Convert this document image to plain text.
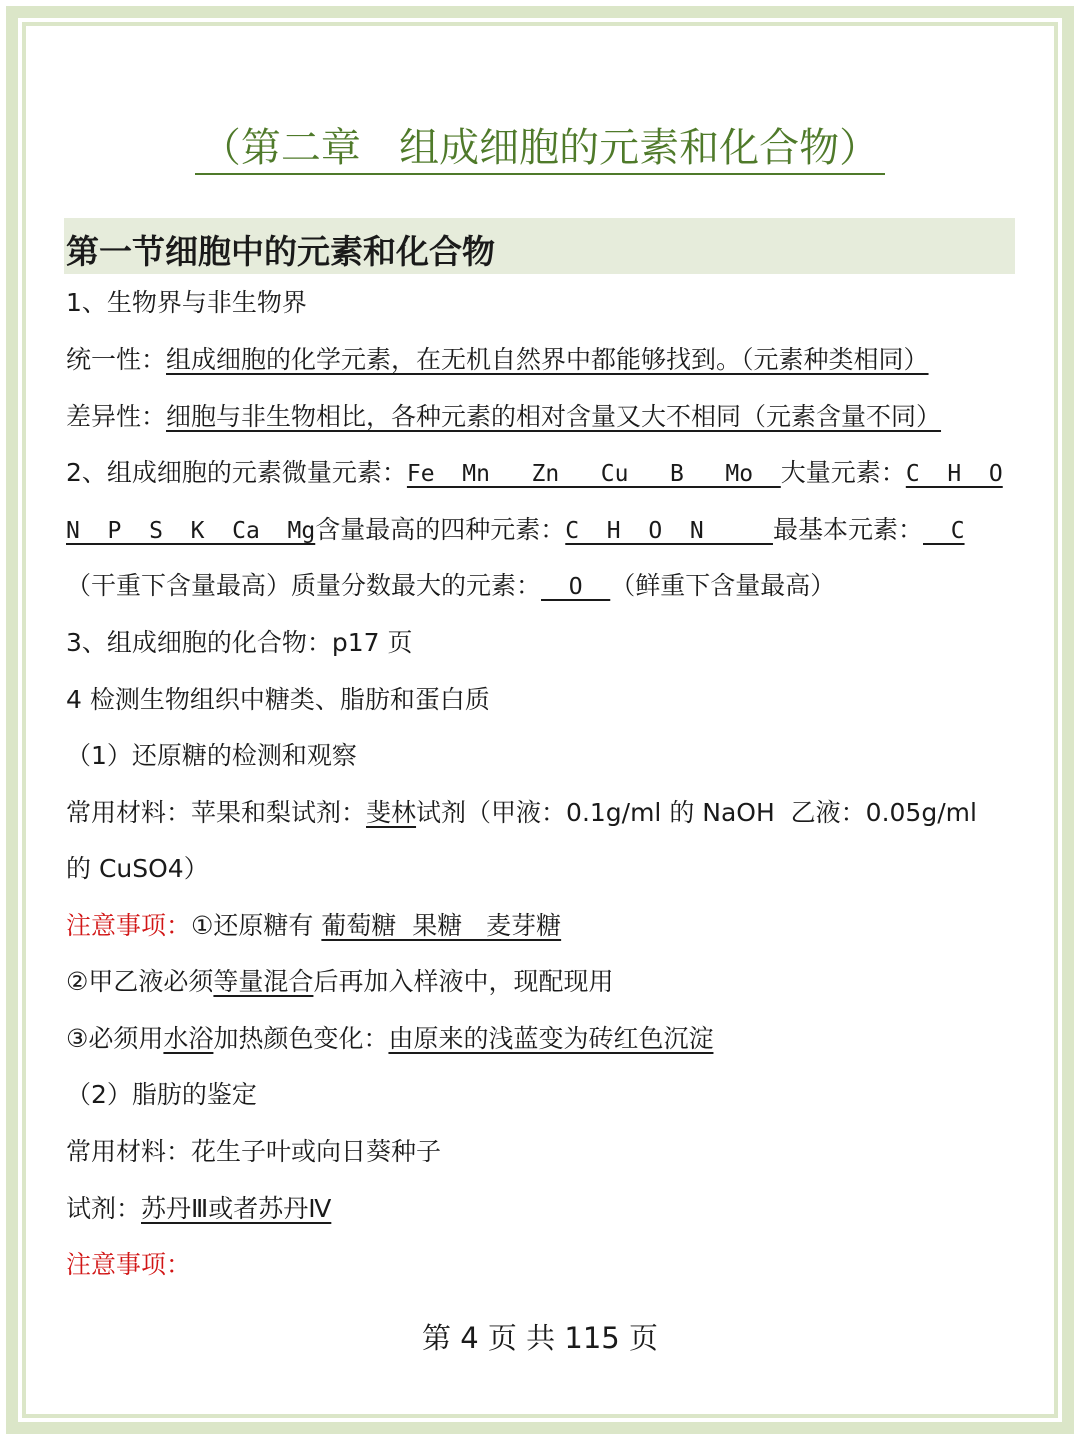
（第二章   组成细胞的元素和化合物）
第一节细胞中的元素和化合物
1、生物界与非生物界
统一性：组成细胞的化学元素，在无机自然界中都能够找到。（元素种类相同）
差异性：细胞与非生物相比，各种元素的相对含量又大不相同（元素含量不同）
2、组成细胞的元素微量元素：Fe  Mn   Zn   Cu   B   Mo  大量元素：C  H  O
N  P  S  K  Ca  Mg含量最高的四种元素：C  H  O  N     最基本元素：  C
（干重下含量最高）质量分数最大的元素：  O  （鲜重下含量最高）
3、组成细胞的化合物：p17 页
4 检测生物组织中糖类、脂肪和蛋白质
（1）还原糖的检测和观察
常用材料：苹果和梨试剂：斐林试剂（甲液：0.1g/ml 的 NaOH  乙液：0.05g/ml
的 CuSO4）
注意事项：①还原糖有 葡萄糖  果糖   麦芽糖
②甲乙液必须等量混合后再加入样液中，现配现用
③必须用水浴加热颜色变化：由原来的浅蓝变为砖红色沉淀
（2）脂肪的鉴定
常用材料：花生子叶或向日葵种子
试剂：苏丹Ⅲ或者苏丹Ⅳ
注意事项：
第 4 页 共 115 页
